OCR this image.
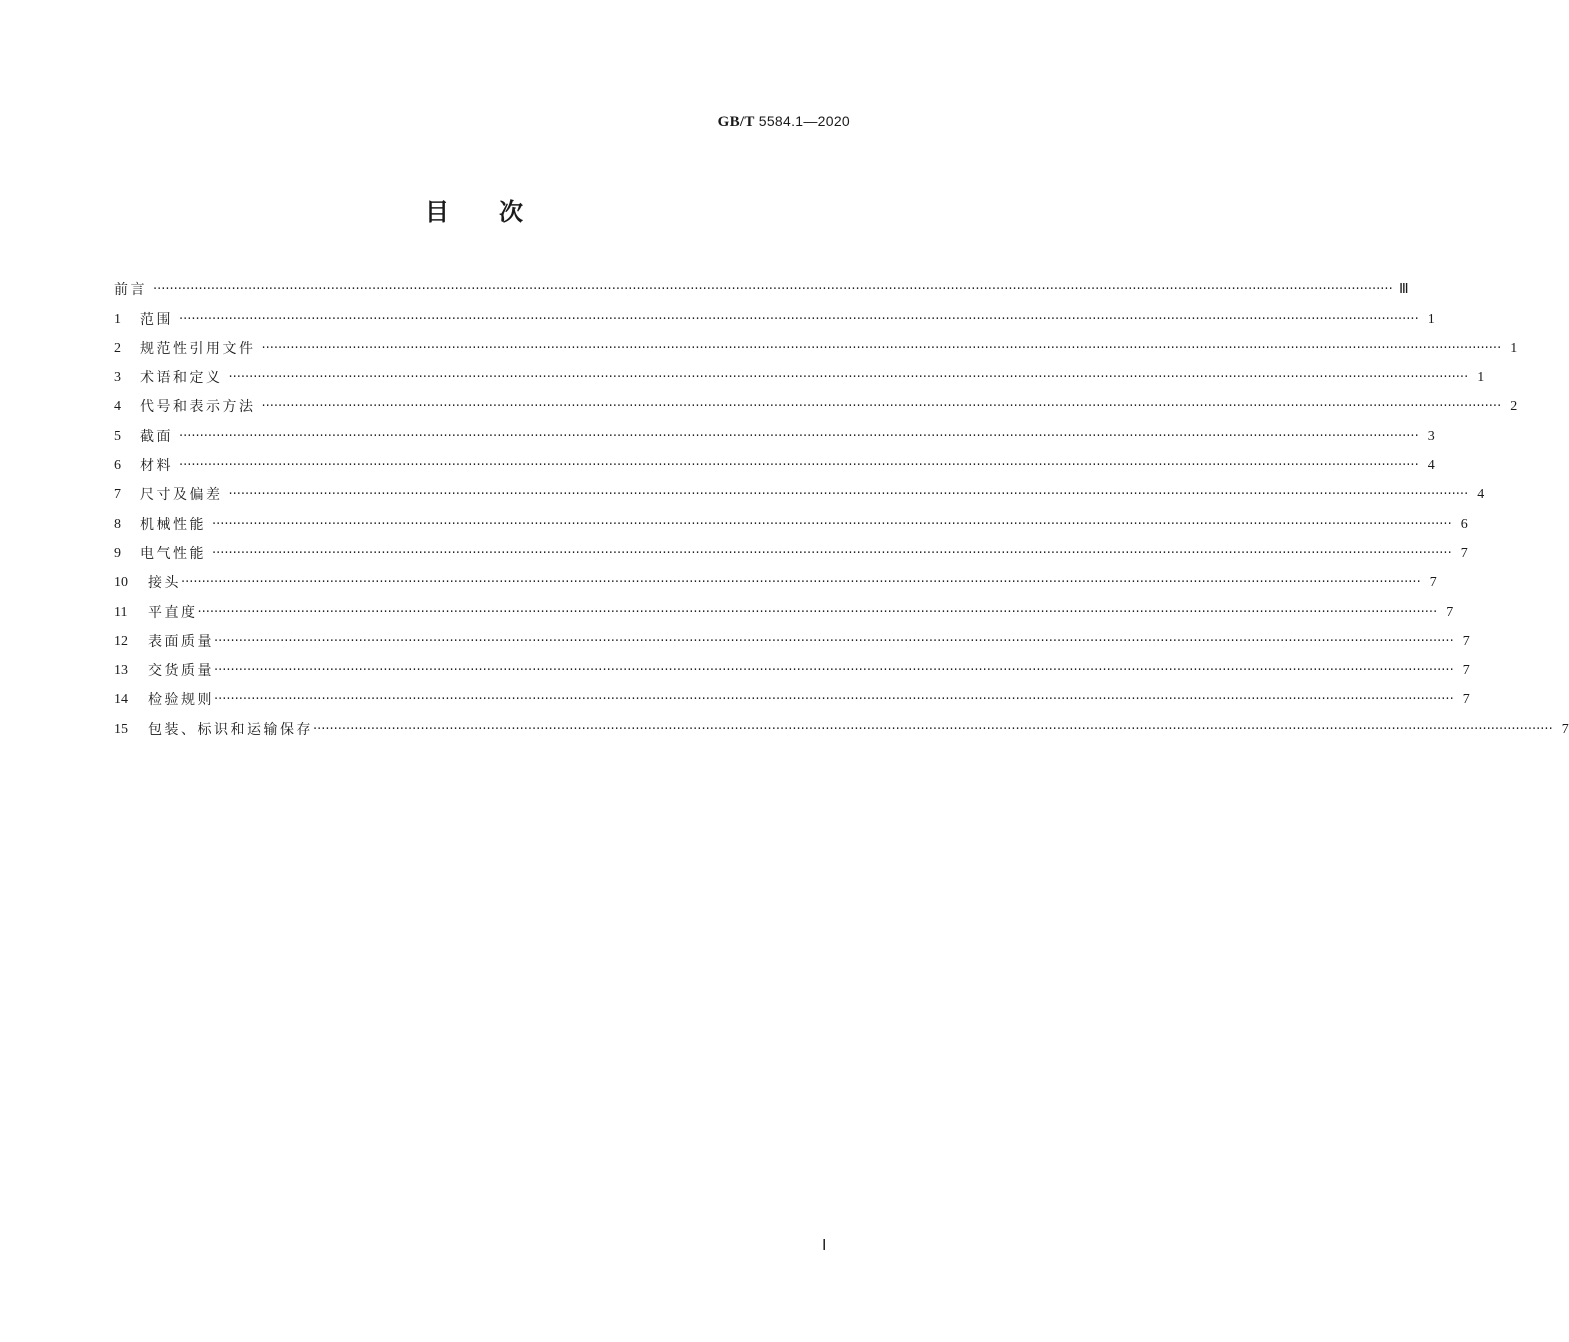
GB/T 5584.1—2020
目 次
前言 ············································································································································································································································································································ Ⅲ
1	范围 ············································································································································································································································································································ 1
2	规范性引用文件 ············································································································································································································································································································ 1
3	术语和定义 ············································································································································································································································································································ 1
4	代号和表示方法 ············································································································································································································································································································ 2
5	截面 ············································································································································································································································································································ 3
6	材料 ············································································································································································································································································································ 4
7	尺寸及偏差 ············································································································································································································································································································ 4
8	机械性能 ············································································································································································································································································································ 6
9	电气性能 ············································································································································································································································································································ 7
10	接头 ············································································································································································································································································································ 7
11	平直度 ············································································································································································································································································································ 7
12	表面质量 ············································································································································································································································································································ 7
13	交货质量 ············································································································································································································································································································ 7
14	检验规则 ············································································································································································································································································································ 7
15	包装、标识和运输保存 ············································································································································································································································································································ 7
Ⅰ
